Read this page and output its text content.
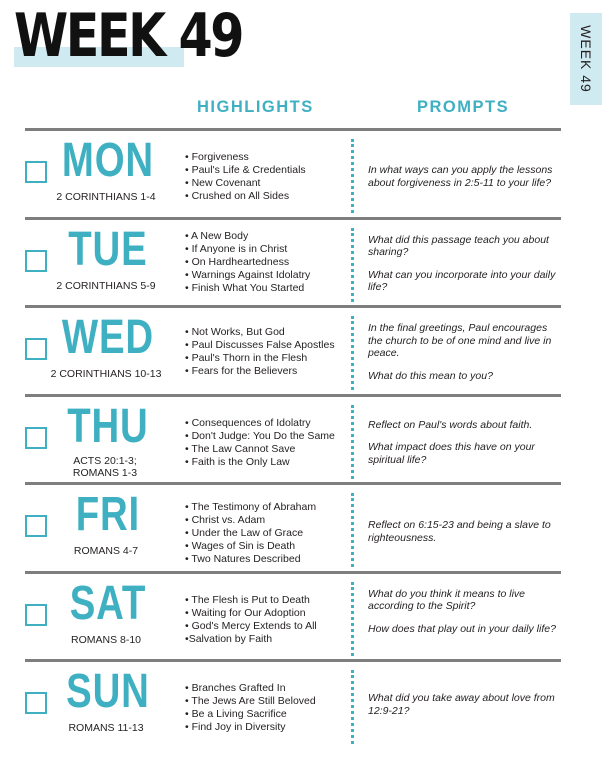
WEEK 49	WEEK 49
HIGHLIGHTS	PROMPTS
MON
2 CORINTHIANS 1-4
• Forgiveness
• Paul's Life & Credentials
• New Covenant
• Crushed on All Sides

In what ways can you apply the lessons about forgiveness in 2:5-11 to your life?

TUE
2 CORINTHIANS 5-9
• A New Body
• If Anyone is in Christ
• On Hardheartedness
• Warnings Against Idolatry
• Finish What You Started

What did this passage teach you about sharing?

What can you incorporate into your daily life?

WED
2 CORINTHIANS 10-13
• Not Works, But God
• Paul Discusses False Apostles
• Paul's Thorn in the Flesh
• Fears for the Believers

In the final greetings, Paul encourages the church to be of one mind and live in peace.

What do this mean to you?

THU
ACTS 20:1-3; ROMANS 1-3
• Consequences of Idolatry
• Don't Judge: You Do the Same
• The Law Cannot Save
• Faith is the Only Law

Reflect on Paul's words about faith.

What impact does this have on your spiritual life?

FRI
ROMANS 4-7
• The Testimony of Abraham
• Christ vs. Adam
• Under the Law of Grace
• Wages of Sin is Death
• Two Natures Described

Reflect on 6:15-23 and being a slave to righteousness.

SAT
ROMANS 8-10
• The Flesh is Put to Death
• Waiting for Our Adoption
• God's Mercy Extends to All
• Salvation by Faith

What do you think it means to live according to the Spirit?

How does that play out in your daily life?

SUN
ROMANS 11-13
• Branches Grafted In
• The Jews Are Still Beloved
• Be a Living Sacrifice
• Find Joy in Diversity

What did you take away about love from 12:9-21?
